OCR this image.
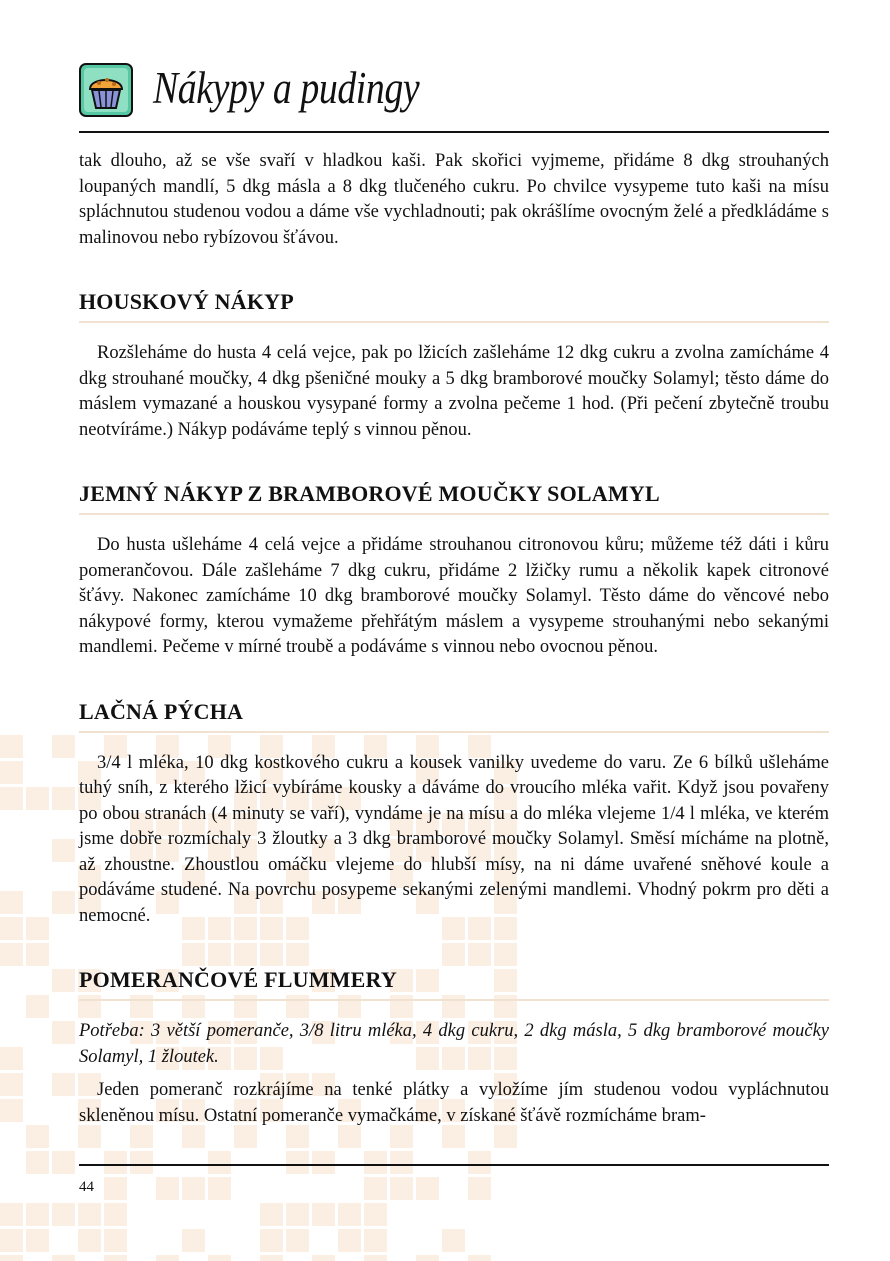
Nákypy a pudingy

tak dlouho, až se vše svaří v hladkou kaši. Pak skořici vyjmeme, přidáme 8 dkg strouhaných loupaných mandlí, 5 dkg másla a 8 dkg tlučeného cukru. Po chvilce vysypeme tuto kaši na mísu spláchnutou studenou vodou a dáme vše vychladnouti; pak okrášlíme ovocným želé a předkládáme s malinovou nebo rybízovou šťávou.

HOUSKOVÝ NÁKYP

Rozšleháme do husta 4 celá vejce, pak po lžicích zašleháme 12 dkg cukru a zvolna zamícháme 4 dkg strouhané moučky, 4 dkg pšeničné mouky a 5 dkg bramborové moučky Solamyl; těsto dáme do máslem vymazané a houskou vysypané formy a zvolna pečeme 1 hod. (Při pečení zbytečně troubu neotvíráme.) Nákyp podáváme teplý s vinnou pěnou.

JEMNÝ NÁKYP Z BRAMBOROVÉ MOUČKY SOLAMYL

Do husta ušleháme 4 celá vejce a přidáme strouhanou citronovou kůru; můžeme též dáti i kůru pomerančovou. Dále zašleháme 7 dkg cukru, přidáme 2 lžičky rumu a několik kapek citronové šťávy. Nakonec zamícháme 10 dkg bramborové moučky Solamyl. Těsto dáme do věncové nebo nákypové formy, kterou vymažeme přehřátým máslem a vysypeme strouhanými nebo sekanými mandlemi. Pečeme v mírné troubě a podáváme s vinnou nebo ovocnou pěnou.

LAČNÁ PÝCHA

3/4 l mléka, 10 dkg kostkového cukru a kousek vanilky uvedeme do varu. Ze 6 bílků ušleháme tuhý sníh, z kterého lžicí vybíráme kousky a dáváme do vroucího mléka vařit. Když jsou povařeny po obou stranách (4 minuty se vaří), vyndáme je na mísu a do mléka vlejeme 1/4 l mléka, ve kterém jsme dobře rozmíchaly 3 žloutky a 3 dkg bramborové moučky Solamyl. Směsí mícháme na plotně, až zhoustne. Zhoustlou omáčku vlejeme do hlubší mísy, na ni dáme uvařené sněhové koule a podáváme studené. Na povrchu posypeme sekanými zelenými mandlemi. Vhodný pokrm pro děti a nemocné.

POMERANČOVÉ FLUMMERY

Potřeba: 3 větší pomeranče, 3/8 litru mléka, 4 dkg cukru, 2 dkg másla, 5 dkg bramborové moučky Solamyl, 1 žloutek.

Jeden pomeranč rozkrájíme na tenké plátky a vyložíme jím studenou vodou vypláchnutou skleněnou mísu. Ostatní pomeranče vymačkáme, v získané šťávě rozmícháme bram-

44
